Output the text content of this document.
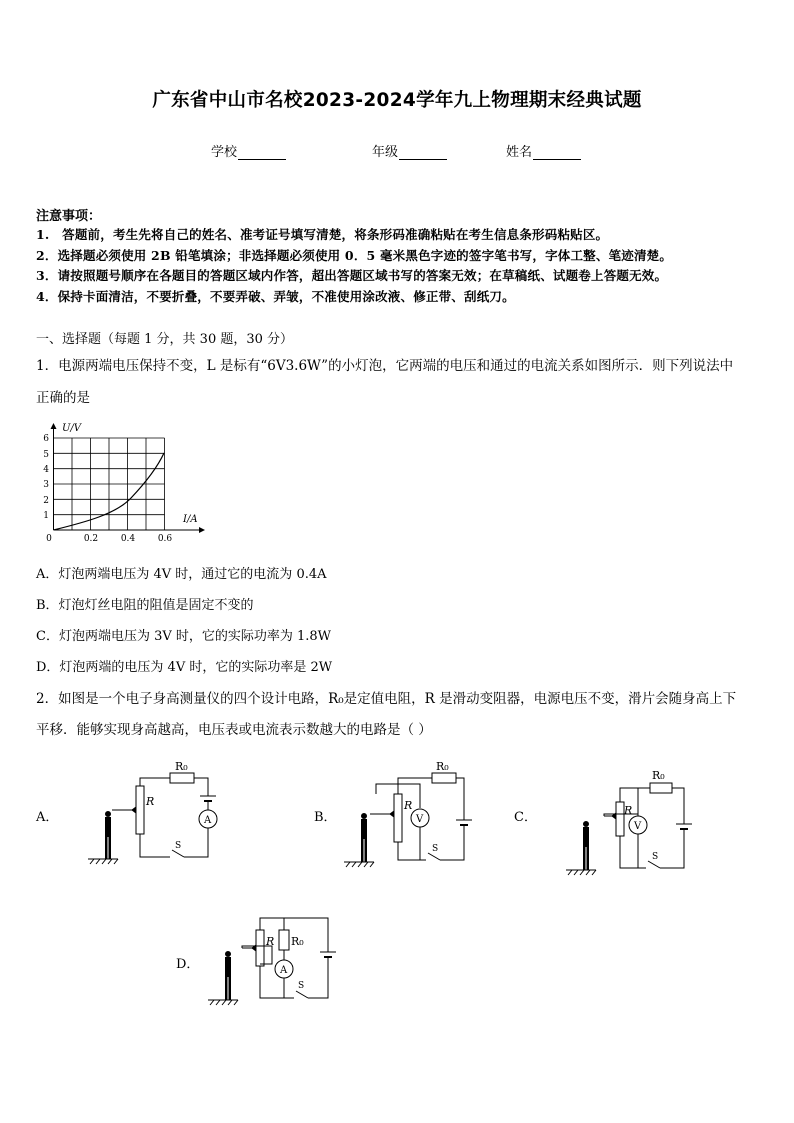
广东省中山市名校2023-2024学年九上物理期末经典试题
学校	年级	姓名
注意事项：
1.　答题前，考生先将自己的姓名、准考证号填写清楚，将条形码准确粘贴在考生信息条形码粘贴区。
2．选择题必须使用 2B 铅笔填涂；非选择题必须使用 0．5 毫米黑色字迹的签字笔书写，字体工整、笔迹清楚。
3．请按照题号顺序在各题目的答题区域内作答，超出答题区域书写的答案无效；在草稿纸、试题卷上答题无效。
4．保持卡面清洁，不要折叠，不要弄破、弄皱，不准使用涂改液、修正带、刮纸刀。
一、选择题（每题 1 分，共 30 题，30 分）
1．电源两端电压保持不变，L 是标有“6V3.6W”的小灯泡，它两端的电压和通过的电流关系如图所示．则下列说法中
正确的是
U/V
I/A
1
2
3
4
5
6
0	0.2	0.4	0.6
A．灯泡两端电压为 4V 时，通过它的电流为 0.4A
B．灯泡灯丝电阻的阻值是固定不变的
C．灯泡两端电压为 3V 时，它的实际功率为 1.8W
D．灯泡两端的电压为 4V 时，它的实际功率是 2W
2．如图是一个电子身高测量仪的四个设计电路，R₀是定值电阻，R 是滑动变阻器，电源电压不变，滑片会随身高上下
平移．能够实现身高越高，电压表或电流表示数越大的电路是（ ）
A．
R₀
R
A
S
B．
R₀
R
V
S
C．
R₀
R
V
S
D．
R₀
R
A
S
